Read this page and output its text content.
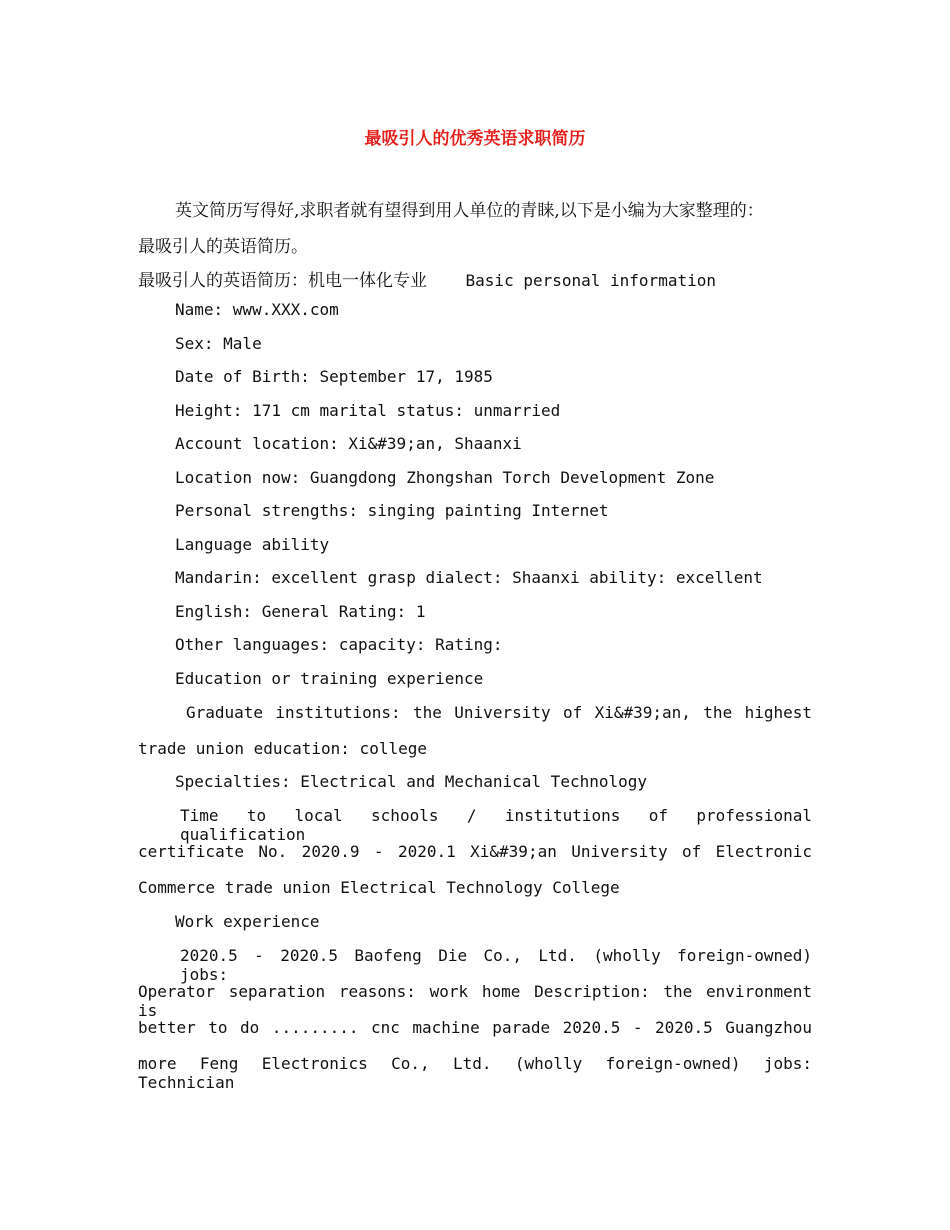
最吸引人的优秀英语求职简历
英文简历写得好,求职者就有望得到用人单位的青睐,以下是小编为大家整理的：
最吸引人的英语简历。
最吸引人的英语简历：机电一体化专业 Basic personal information
Name: www.XXX.com
Sex: Male
Date of Birth: September 17, 1985
Height: 171 cm marital status: unmarried
Account location: Xi&#39;an, Shaanxi
Location now: Guangdong Zhongshan Torch Development Zone
Personal strengths: singing painting Internet
Language ability
Mandarin: excellent grasp dialect: Shaanxi ability: excellent
English: General Rating: 1
Other languages: capacity: Rating:
Education or training experience
Graduate institutions: the University of Xi&#39;an, the highest
trade union education: college
Specialties: Electrical and Mechanical Technology
Time to local schools / institutions of professional qualification
certificate No. 2020.9 - 2020.1 Xi&#39;an University of Electronic
Commerce trade union Electrical Technology College
Work experience
2020.5 - 2020.5 Baofeng Die Co., Ltd. (wholly foreign-owned) jobs:
Operator separation reasons: work home Description: the environment is
better to do ......... cnc machine parade 2020.5 - 2020.5 Guangzhou
more Feng Electronics Co., Ltd. (wholly foreign-owned) jobs: Technician
